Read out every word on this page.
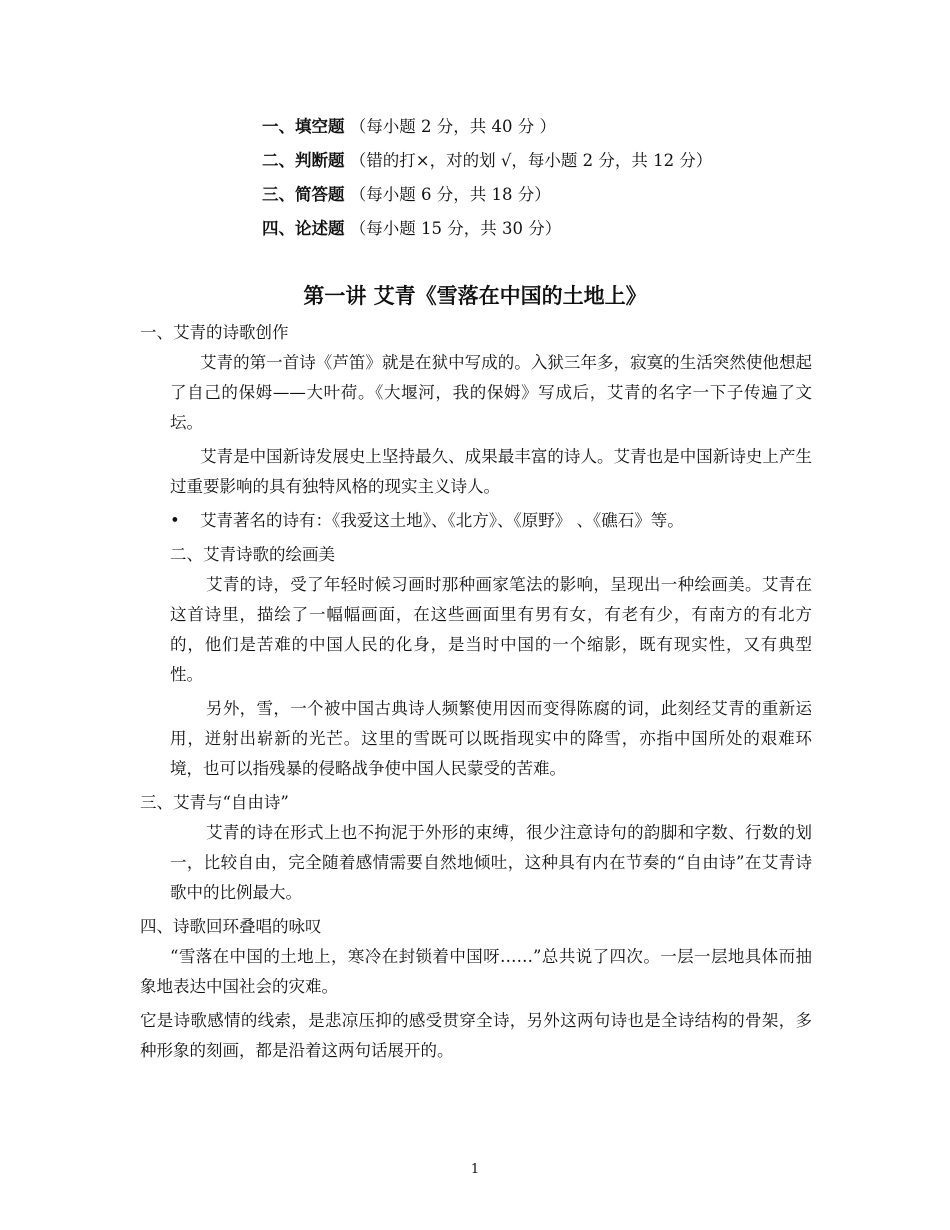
一、填空题 （每小题 2 分，共 40 分 ）
二、判断题 （错的打×，对的划 √，每小题 2 分，共 12 分）
三、简答题 （每小题 6 分，共 18 分）
四、论述题 （每小题 15 分，共 30 分）
第一讲 艾青《雪落在中国的土地上》
一、艾青的诗歌创作

艾青的第一首诗《芦笛》就是在狱中写成的。入狱三年多，寂寞的生活突然使他想起了自己的保姆——大叶荷。《大堰河，我的保姆》写成后，艾青的名字一下子传遍了文坛。

艾青是中国新诗发展史上坚持最久、成果最丰富的诗人。艾青也是中国新诗史上产生过重要影响的具有独特风格的现实主义诗人。

• 艾青著名的诗有：《我爱这土地》、《北方》、《原野》 、《礁石》等。
二、艾青诗歌的绘画美

艾青的诗，受了年轻时候习画时那种画家笔法的影响，呈现出一种绘画美。艾青在这首诗里，描绘了一幅幅画面，在这些画面里有男有女，有老有少，有南方的有北方的，他们是苦难的中国人民的化身，是当时中国的一个缩影，既有现实性，又有典型性。

另外，雪，一个被中国古典诗人频繁使用因而变得陈腐的词，此刻经艾青的重新运用，迸射出崭新的光芒。这里的雪既可以既指现实中的降雪，亦指中国所处的艰难环境，也可以指残暴的侵略战争使中国人民蒙受的苦难。

三、艾青与“自由诗”

艾青的诗在形式上也不拘泥于外形的束缚，很少注意诗句的韵脚和字数、行数的划一，比较自由，完全随着感情需要自然地倾吐，这种具有内在节奏的“自由诗”在艾青诗歌中的比例最大。

四、诗歌回环叠唱的咏叹

“雪落在中国的土地上，寒冷在封锁着中国呀……”总共说了四次。一层一层地具体而抽象地表达中国社会的灾难。

它是诗歌感情的线索，是悲凉压抑的感受贯穿全诗，另外这两句诗也是全诗结构的骨架，多种形象的刻画，都是沿着这两句话展开的。

1
